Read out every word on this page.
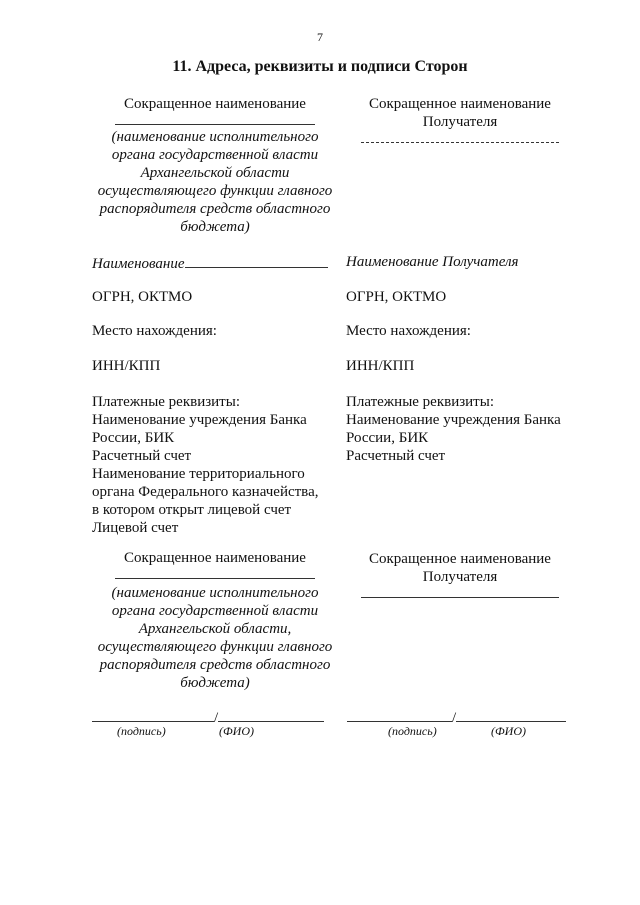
7
11. Адреса, реквизиты и подписи Сторон
Сокращенное наименование

(наименование исполнительного

органа государственной власти

Архангельской области

осуществляющего функции главного

распорядителя средств областного

бюджета)

Наименование
ОГРН, ОКТМО
Место нахождения:
ИНН/КПП

Платежные реквизиты:

Наименование учреждения Банка

России, БИК

Расчетный счет

Наименование территориального

органа Федерального казначейства,

в котором открыт лицевой счет

Лицевой счет

Сокращенное наименование

(наименование исполнительного

органа государственной власти

Архангельской области,

осуществляющего функции главного

распорядителя средств областного

бюджета)

/
(подпись)	(ФИО)

Сокращенное наименование

Получателя

Наименование Получателя
ОГРН, ОКТМО
Место нахождения:
ИНН/КПП

Платежные реквизиты:

Наименование учреждения Банка

России, БИК

Расчетный счет

Сокращенное наименование

Получателя

/
(подпись)	(ФИО)
